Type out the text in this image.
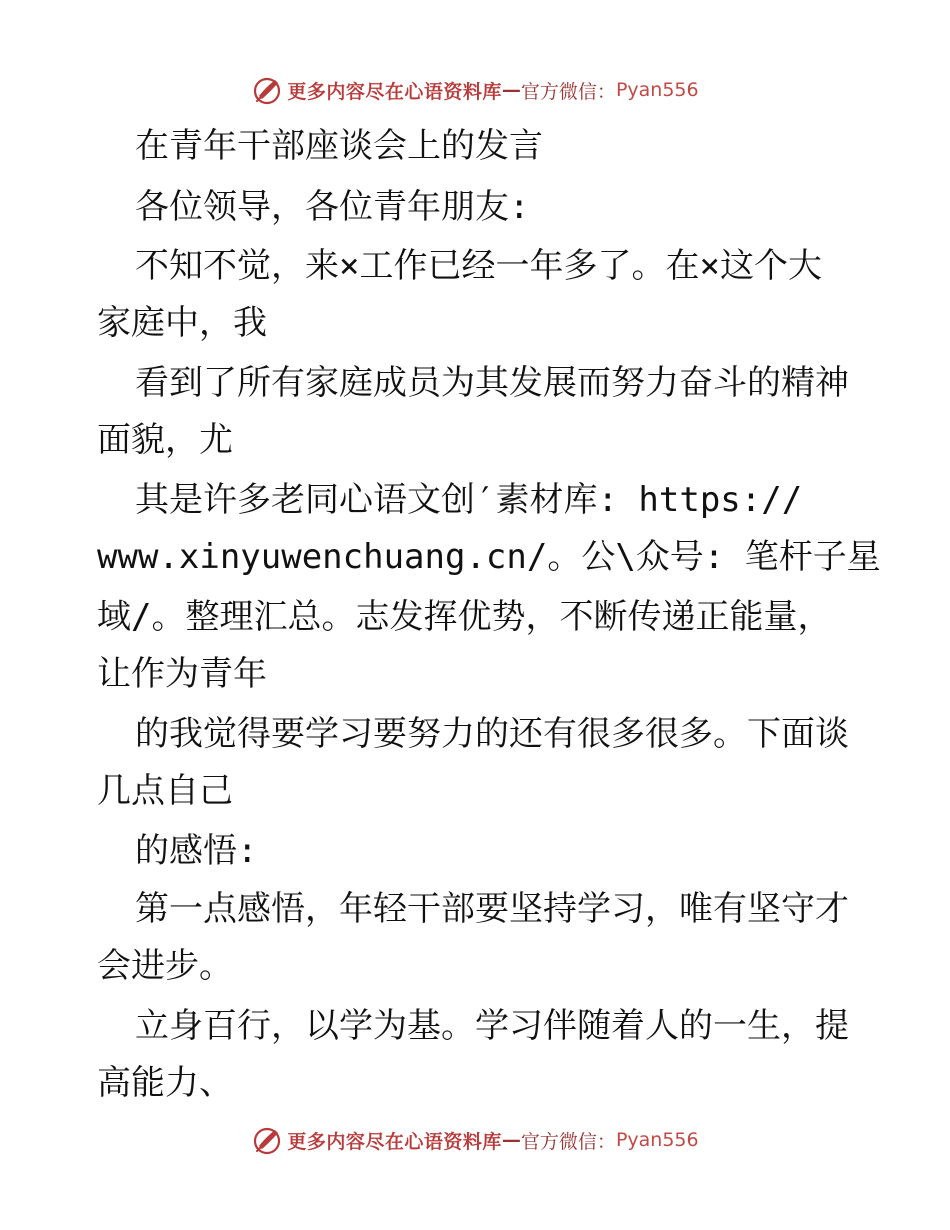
更多内容尽在心语资料库 — 官方微信： Pyan556
在青年干部座谈会上的发言
各位领导，各位青年朋友:
不知不觉，来×工作已经一年多了。在×这个大
家庭中，我
看到了所有家庭成员为其发展而努力奋斗的精神
面貌，尤
其是许多老同心语文创′素材库: https://
www.xinyuwenchuang.cn/。公\众号: 笔杆子星
域/。整理汇总。志发挥优势，不断传递正能量，
让作为青年
的我觉得要学习要努力的还有很多很多。下面谈
几点自己
的感悟:
第一点感悟，年轻干部要坚持学习，唯有坚守才
会进步。
立身百行，以学为基。学习伴随着人的一生，提
高能力、
更多内容尽在心语资料库 — 官方微信： Pyan556
